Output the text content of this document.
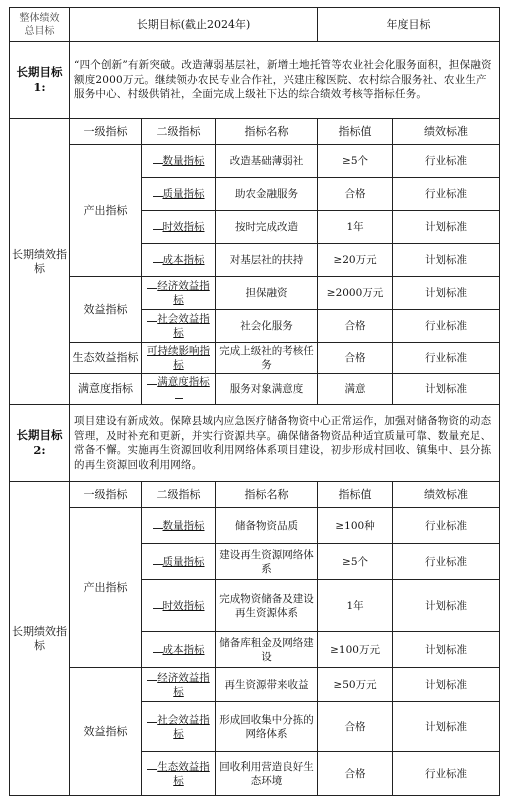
整体绩效
总目标	长期目标(截止2024年)			年度目标	
长期目标1:	“四个创新”有新突破。改造薄弱基层社，新增土地托管等农业社会化服务面积，担保融资额度2000万元。继续领办农民专业合作社，兴建庄稼医院、农村综合服务社、农业生产服务中心、村级供销社，全面完成上级社下达的综合绩效考核等指标任务。				
长期绩效指标	一级指标	二级指标	指标名称	指标值	绩效标准
	产出指标	数量指标	改造基础薄弱社	≥5个	行业标准
		质量指标	助农金融服务	合格	行业标准
		时效指标	按时完成改造	1年	计划标准
		成本指标	对基层社的扶持	≥20万元	计划标准
	效益指标	经济效益指标	担保融资	≥2000万元	计划标准
		社会效益指标	社会化服务	合格	行业标准
	生态效益指标	可持续影响指标	完成上级社的考核任务	合格	行业标准
	满意度指标	满意度指标	服务对象满意度	满意	计划标准
长期目标2:	项目建设有新成效。保障县域内应急医疗储备物资中心正常运作，加强对储备物资的动态管理，及时补充和更新，并实行资源共享。确保储备物资品种适宜质量可靠、数量充足、常备不懈。实施再生资源回收利用网络体系项目建设，初步形成村回收、镇集中、县分拣的再生资源回收利用网络。				
长期绩效指标	一级指标	二级指标	指标名称	指标值	绩效标准
	产出指标	数量指标	储备物资品质	≥100种	行业标准
		质量指标	建设再生资源网络体系	≥5个	行业标准
		时效指标	完成物资储备及建设再生资源体系	1年	计划标准
		成本指标	储备库租金及网络建设	≥100万元	计划标准
	效益指标	经济效益指标	再生资源带来收益	≥50万元	计划标准
		社会效益指标	形成回收集中分拣的网络体系	合格	计划标准
		生态效益指标	回收利用营造良好生态环境	合格	行业标准
